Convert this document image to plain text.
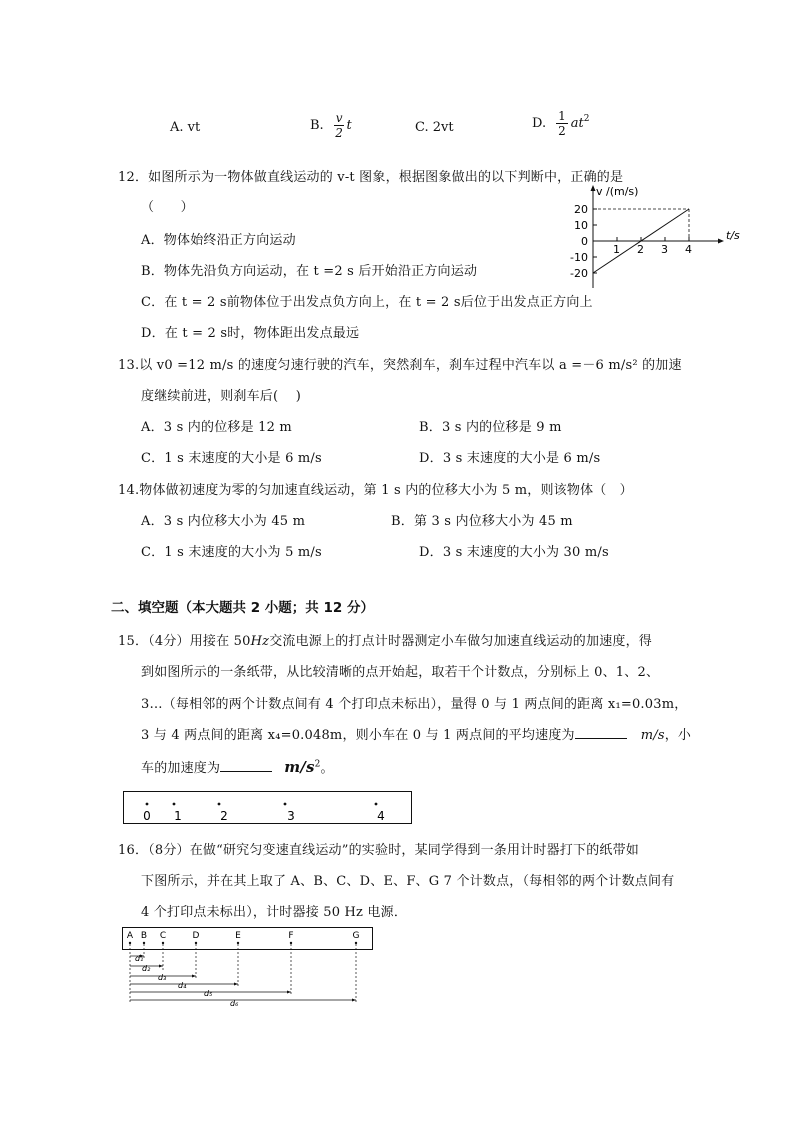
A. vt	B. $\frac{v}{2}$ t	C. 2vt	D. $\frac{1}{2} at^2$
12．如图所示为一物体做直线运动的 v-t 图象，根据图象做出的以下判断中，正确的是
（　　）
A．物体始终沿正方向运动
B．物体先沿负方向运动，在 t =2 s 后开始沿正方向运动
C．在 t = 2 s前物体位于出发点负方向上，在 t = 2 s后位于出发点正方向上
D．在 t = 2 s时，物体距出发点最远
v /(m/s)
t/s
20
10
0
-10
-20
1 2 3 4
13.以 v0 =12 m/s 的速度匀速行驶的汽车，突然刹车，刹车过程中汽车以 a =－6 m/s² 的加速
度继续前进，则刹车后(　 )
A．3 s 内的位移是 12 m	B．3 s 内的位移是 9 m
C．1 s 末速度的大小是 6 m/s	D．3 s 末速度的大小是 6 m/s
14.物体做初速度为零的匀加速直线运动，第 1 s 内的位移大小为 5 m，则该物体（　）
A．3 s 内位移大小为 45 m	B．第 3 s 内位移大小为 45 m
C．1 s 末速度的大小为 5 m/s	D．3 s 末速度的大小为 30 m/s
二、填空题（本大题共 2 小题；共 12 分）
15．（4分）用接在 50Hz交流电源上的打点计时器测定小车做匀加速直线运动的加速度，得
到如图所示的一条纸带，从比较清晰的点开始起，取若干个计数点，分别标上 0、1、2、
3…（每相邻的两个计数点间有 4 个打印点未标出），量得 0 与 1 两点间的距离 x₁=0.03m，
3 与 4 两点间的距离 x₄=0.048m，则小车在 0 与 1 两点间的平均速度为	m/s，小
车的加速度为	$m/s^2$。
0 1	2	3	4
16．（8分）在做“研究匀变速直线运动”的实验时，某同学得到一条用计时器打下的纸带如
下图所示，并在其上取了 A、B、C、D、E、F、G 7 个计数点，（每相邻的两个计数点间有
4 个打印点未标出），计时器接 50 Hz 电源．
A B C	D	E	F	G
d₁
d₂
d₃
d₄
d₅
d₆
